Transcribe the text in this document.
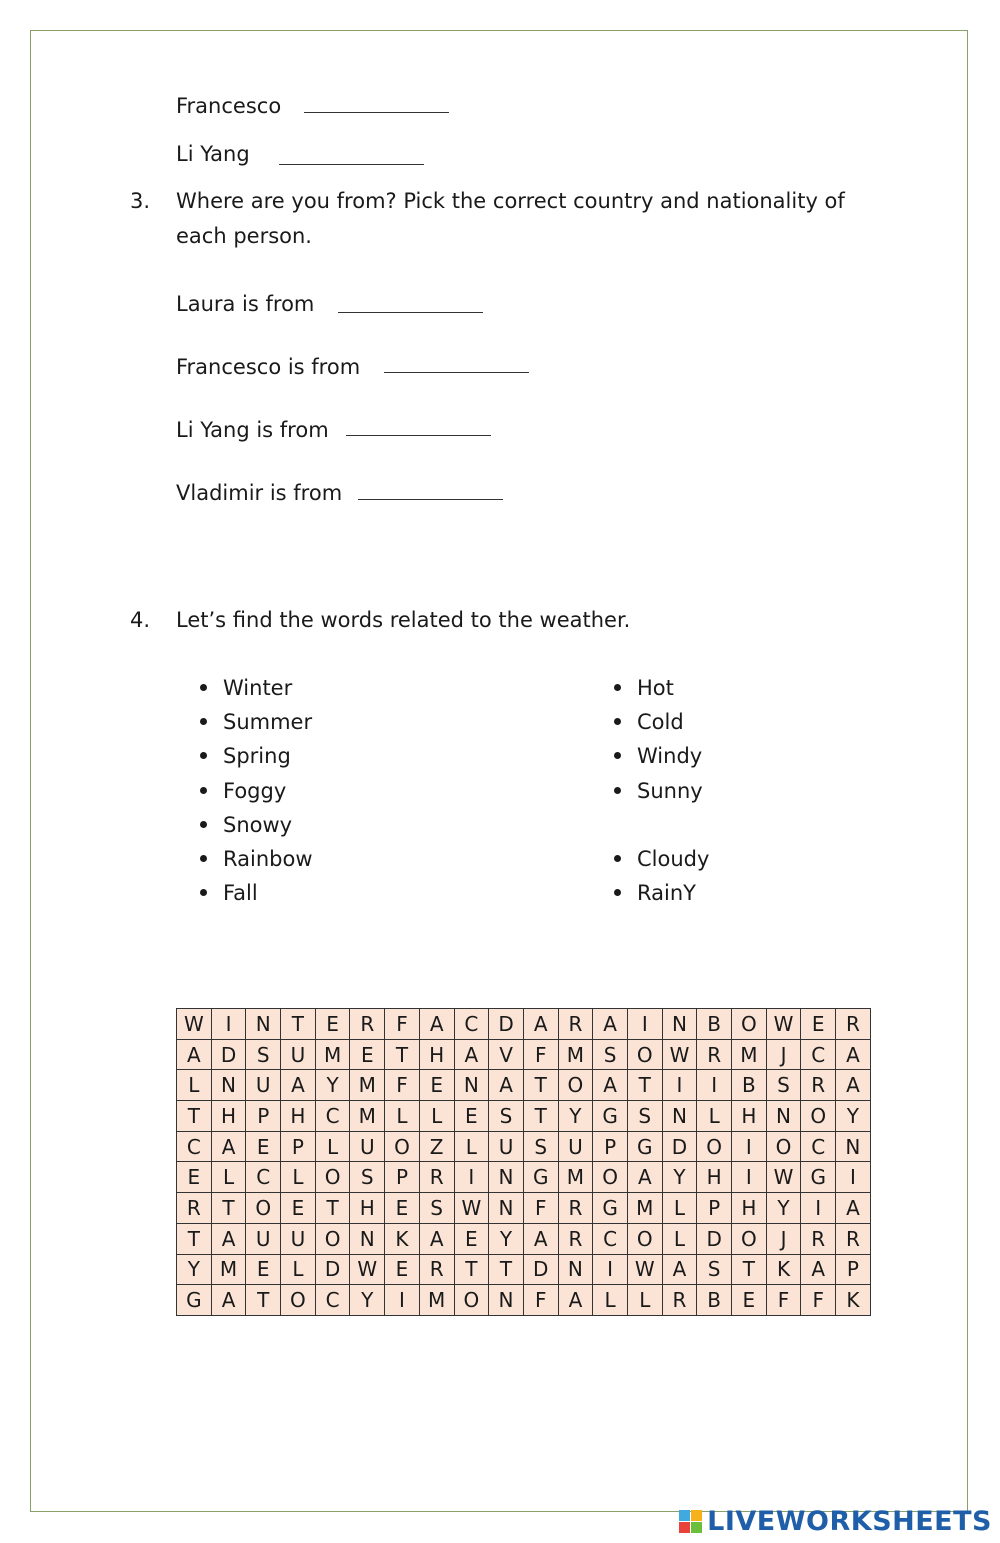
Francesco
Li Yang
3. Where are you from? Pick the correct country and nationality of each person.
Laura is from
Francesco is from
Li Yang is from
Vladimir is from
4. Let’s find the words related to the weather.
Winter
Summer
Spring
Foggy
Snowy
Rainbow
Fall
Hot
Cold
Windy
Sunny
Cloudy
RainY
W	I	N	T	E	R	F	A	C	D	A	R	A	I	N	B	O	W	E	R
A	D	S	U	M	E	T	H	A	V	F	M	S	O	W	R	M	J	C	A
L	N	U	A	Y	M	F	E	N	A	T	O	A	T	I	I	B	S	R	A
T	H	P	H	C	M	L	L	E	S	T	Y	G	S	N	L	H	N	O	Y
C	A	E	P	L	U	O	Z	L	U	S	U	P	G	D	O	I	O	C	N
E	L	C	L	O	S	P	R	I	N	G	M	O	A	Y	H	I	W	G	I
R	T	O	E	T	H	E	S	W	N	F	R	G	M	L	P	H	Y	I	A
T	A	U	U	O	N	K	A	E	Y	A	R	C	O	L	D	O	J	R	R
Y	M	E	L	D	W	E	R	T	T	D	N	I	W	A	S	T	K	A	P
G	A	T	O	C	Y	I	M	O	N	F	A	L	L	R	B	E	F	F	K
LIVEWORKSHEETS
